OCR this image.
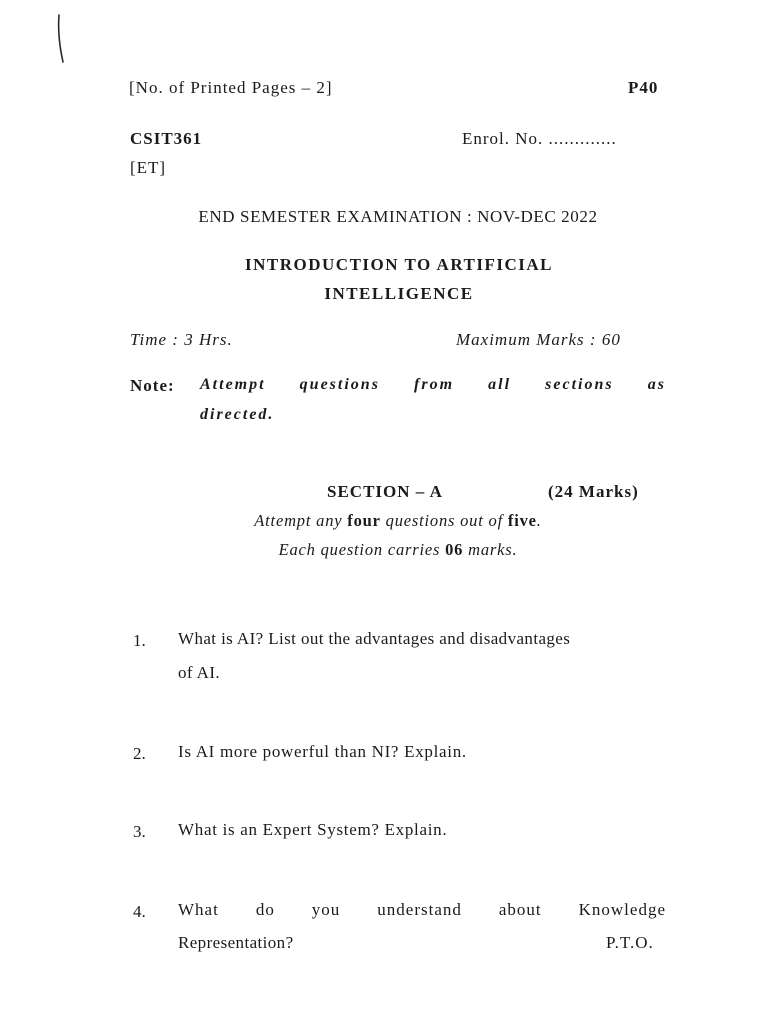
[No. of Printed Pages – 2]	P40
CSIT361	Enrol. No. .............
[ET]
END SEMESTER EXAMINATION : NOV-DEC 2022
INTRODUCTION TO ARTIFICIAL
INTELLIGENCE
Time : 3 Hrs.	Maximum Marks : 60
Note: Attempt questions from all sections as
directed.
SECTION – A	(24 Marks)
Attempt any four questions out of five.
Each question carries 06 marks.
1. What is AI? List out the advantages and disadvantages
of AI.
2. Is AI more powerful than NI? Explain.
3. What is an Expert System? Explain.
4. What do you understand about Knowledge
Representation?	P.T.O.
